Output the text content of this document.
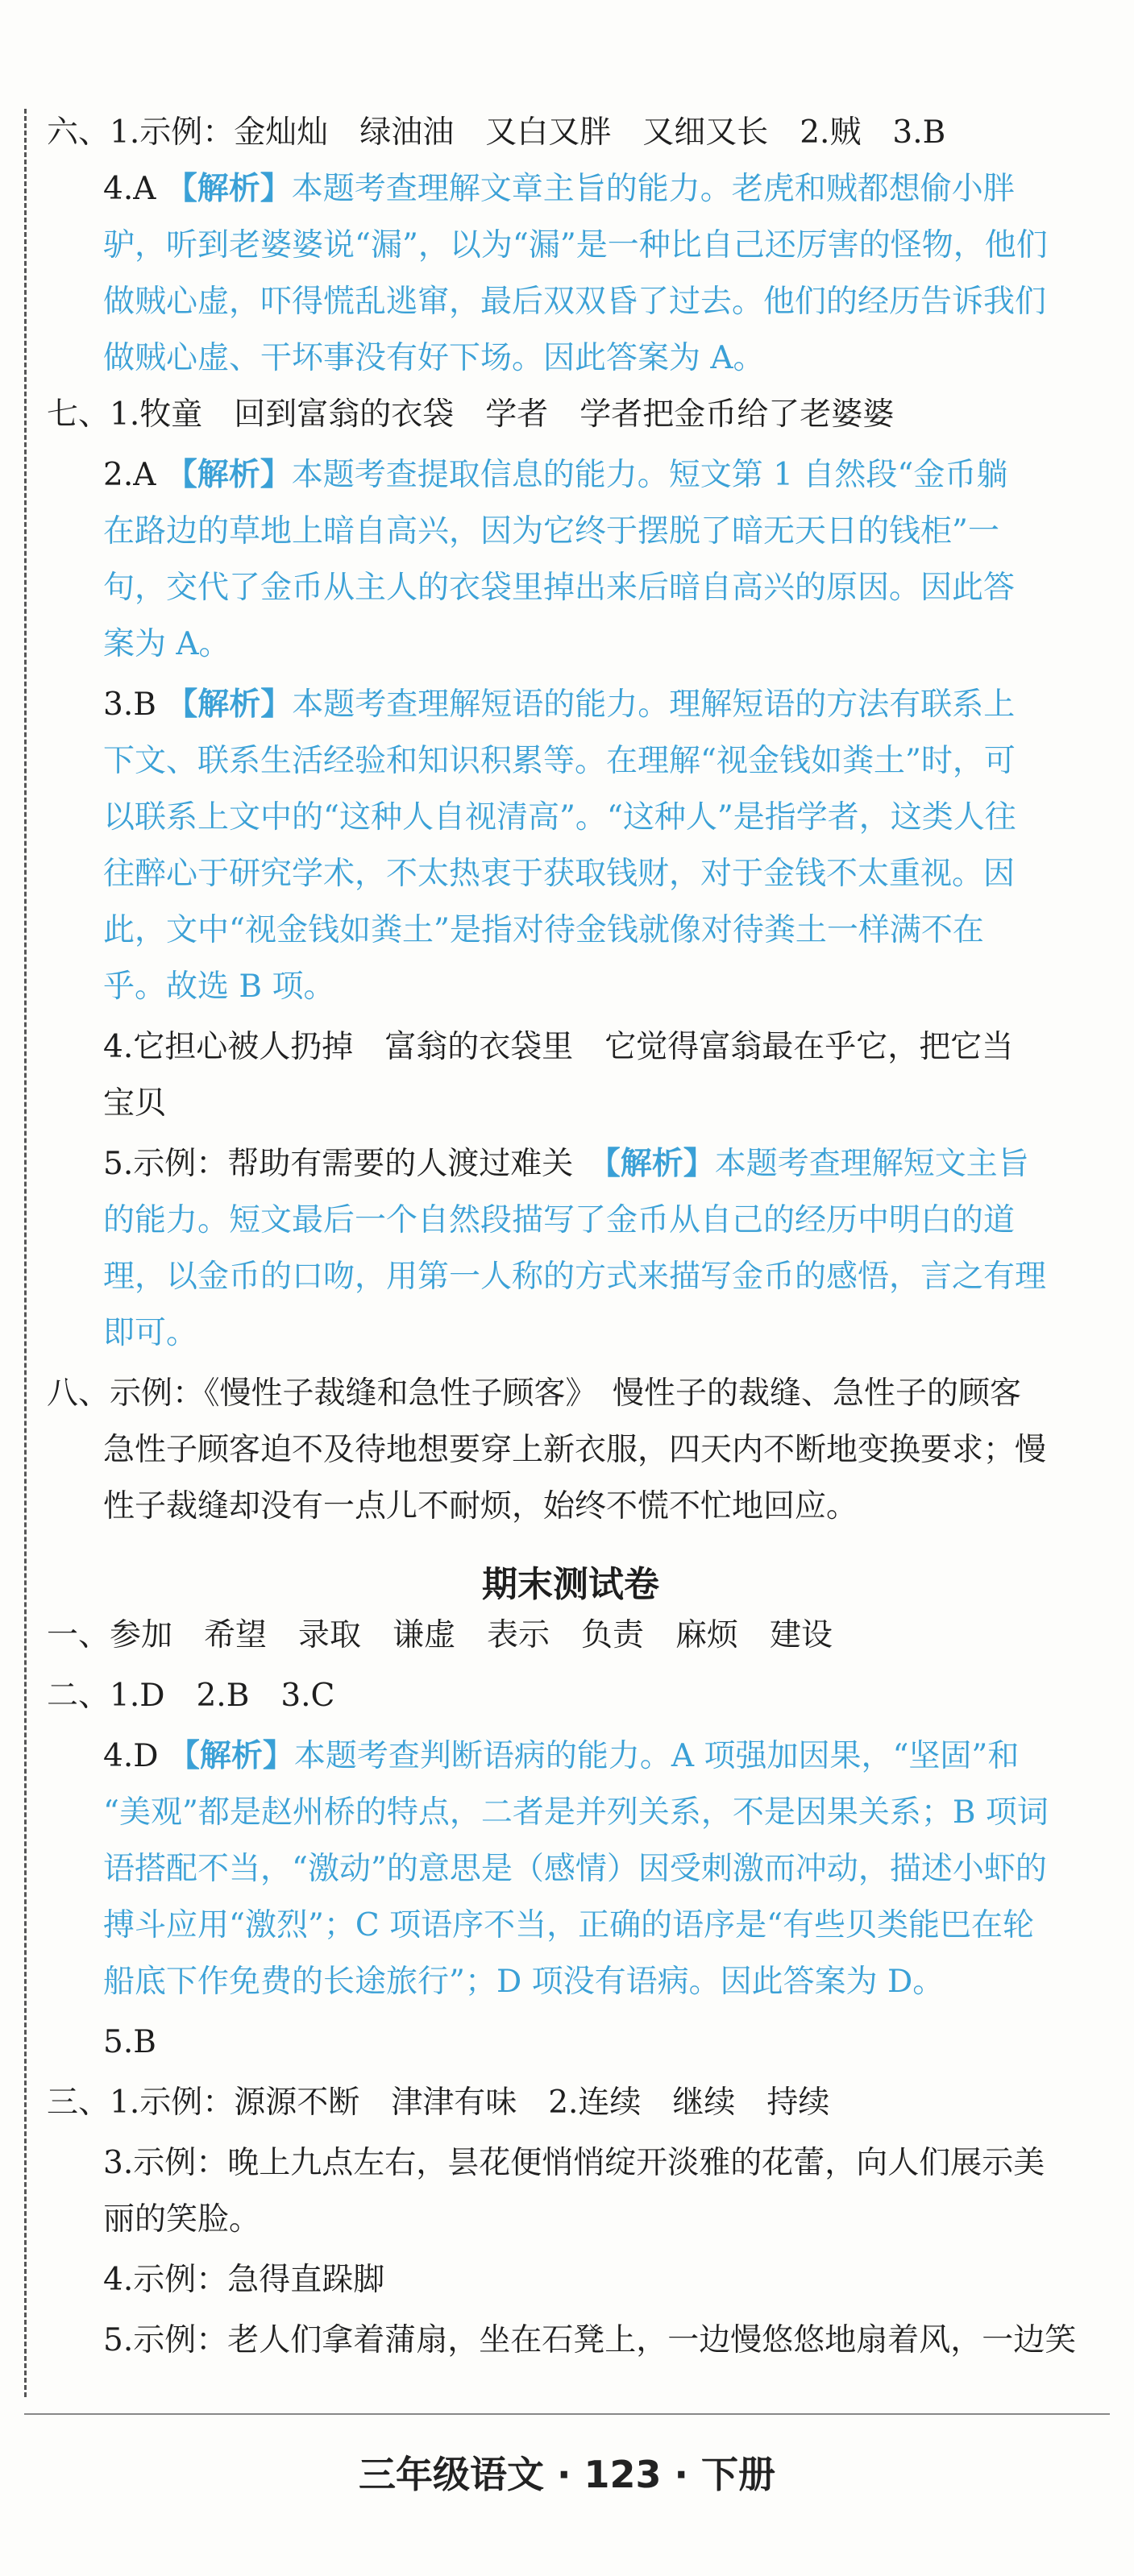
六、1.示例：金灿灿　绿油油　又白又胖　又细又长　2.贼　3.B
4.A 【解析】本题考查理解文章主旨的能力。老虎和贼都想偷小胖
驴，听到老婆婆说“漏”，以为“漏”是一种比自己还厉害的怪物，他们
做贼心虚，吓得慌乱逃窜，最后双双昏了过去。他们的经历告诉我们
做贼心虚、干坏事没有好下场。因此答案为 A。
七、1.牧童　回到富翁的衣袋　学者　学者把金币给了老婆婆
2.A 【解析】本题考查提取信息的能力。短文第 1 自然段“金币躺
在路边的草地上暗自高兴，因为它终于摆脱了暗无天日的钱柜”一
句，交代了金币从主人的衣袋里掉出来后暗自高兴的原因。因此答
案为 A。
3.B 【解析】本题考查理解短语的能力。理解短语的方法有联系上
下文、联系生活经验和知识积累等。在理解“视金钱如粪土”时，可
以联系上文中的“这种人自视清高”。“这种人”是指学者，这类人往
往醉心于研究学术，不太热衷于获取钱财，对于金钱不太重视。因
此，文中“视金钱如粪土”是指对待金钱就像对待粪土一样满不在
乎。故选 B 项。
4.它担心被人扔掉　富翁的衣袋里　它觉得富翁最在乎它，把它当
宝贝
5.示例：帮助有需要的人渡过难关　 【解析】本题考查理解短文主旨
的能力。短文最后一个自然段描写了金币从自己的经历中明白的道
理，以金币的口吻，用第一人称的方式来描写金币的感悟，言之有理
即可。
八、示例：《慢性子裁缝和急性子顾客》　慢性子的裁缝、急性子的顾客
急性子顾客迫不及待地想要穿上新衣服，四天内不断地变换要求；慢
性子裁缝却没有一点儿不耐烦，始终不慌不忙地回应。
期末测试卷
一、参加　希望　录取　谦虚　表示　负责　麻烦　建设
二、1.D　2.B　3.C
4.D 【解析】本题考查判断语病的能力。A 项强加因果，“坚固”和
“美观”都是赵州桥的特点，二者是并列关系，不是因果关系；B 项词
语搭配不当，“激动”的意思是（感情）因受刺激而冲动，描述小虾的
搏斗应用“激烈”；C 项语序不当，正确的语序是“有些贝类能巴在轮
船底下作免费的长途旅行”；D 项没有语病。因此答案为 D。
5.B
三、1.示例：源源不断　津津有味　2.连续　继续　持续
3.示例：晚上九点左右，昙花便悄悄绽开淡雅的花蕾，向人们展示美
丽的笑脸。
4.示例：急得直跺脚
5.示例：老人们拿着蒲扇，坐在石凳上，一边慢悠悠地扇着风，一边笑
三年级语文 · 123 · 下册
